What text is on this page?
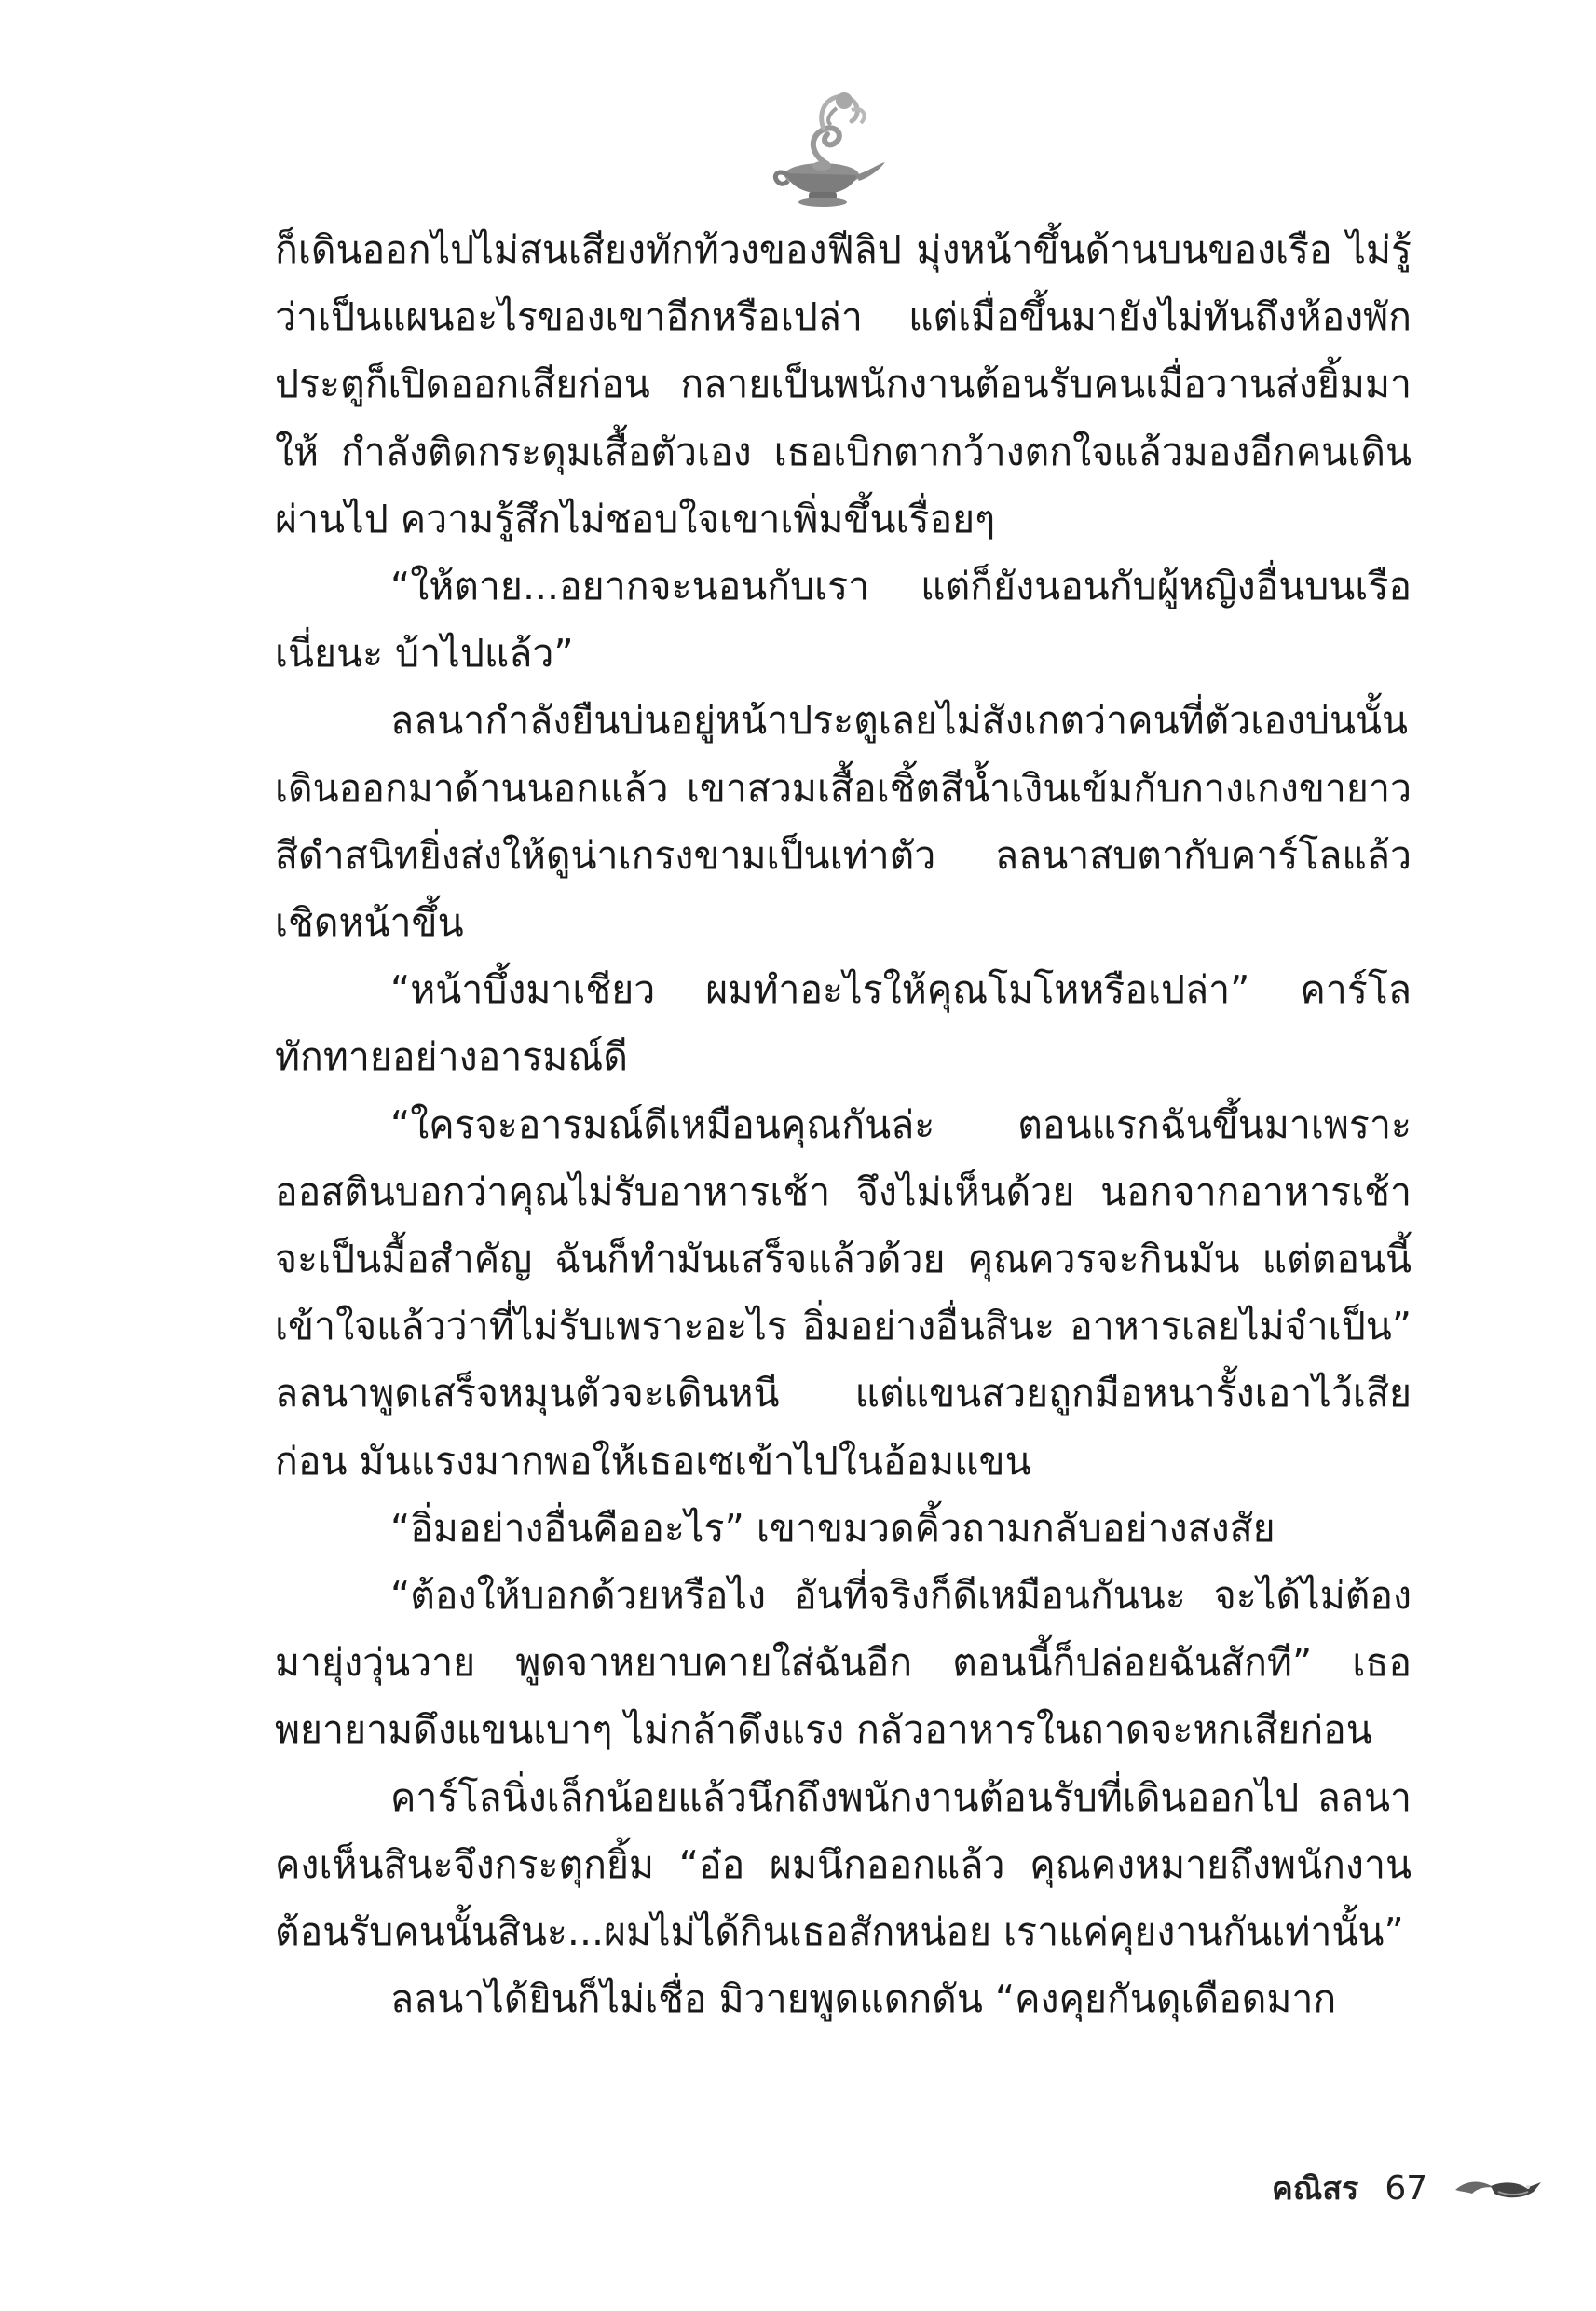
ก็เดินออกไปไม่สนเสียงทักท้วงของฟีลิป มุ่งหน้าขึ้นด้านบนของเรือ ไม่รู้ว่าเป็นแผนอะไรของเขาอีกหรือเปล่า แต่เมื่อขึ้นมายังไม่ทันถึงห้องพัก ประตูก็เปิดออกเสียก่อน กลายเป็นพนักงานต้อนรับคนเมื่อวานส่งยิ้มมาให้ กำลังติดกระดุมเสื้อตัวเอง เธอเบิกตากว้างตกใจแล้วมองอีกคนเดินผ่านไป ความรู้สึกไม่ชอบใจเขาเพิ่มขึ้นเรื่อยๆ

“ให้ตาย...อยากจะนอนกับเรา แต่ก็ยังนอนกับผู้หญิงอื่นบนเรือเนี่ยนะ บ้าไปแล้ว”

ลลนากำลังยืนบ่นอยู่หน้าประตูเลยไม่สังเกตว่าคนที่ตัวเองบ่นนั้นเดินออกมาด้านนอกแล้ว เขาสวมเสื้อเชิ้ตสีน้ำเงินเข้มกับกางเกงขายาวสีดำสนิทยิ่งส่งให้ดูน่าเกรงขามเป็นเท่าตัว ลลนาสบตากับคาร์โลแล้วเชิดหน้าขึ้น

“หน้าบึ้งมาเชียว ผมทำอะไรให้คุณโมโหหรือเปล่า” คาร์โลทักทายอย่างอารมณ์ดี

“ใครจะอารมณ์ดีเหมือนคุณกันล่ะ ตอนแรกฉันขึ้นมาเพราะออสตินบอกว่าคุณไม่รับอาหารเช้า จึงไม่เห็นด้วย นอกจากอาหารเช้าจะเป็นมื้อสำคัญ ฉันก็ทำมันเสร็จแล้วด้วย คุณควรจะกินมัน แต่ตอนนี้เข้าใจแล้วว่าที่ไม่รับเพราะอะไร อิ่มอย่างอื่นสินะ อาหารเลยไม่จำเป็น” ลลนาพูดเสร็จหมุนตัวจะเดินหนี แต่แขนสวยถูกมือหนารั้งเอาไว้เสียก่อน มันแรงมากพอให้เธอเซเข้าไปในอ้อมแขน

“อิ่มอย่างอื่นคืออะไร” เขาขมวดคิ้วถามกลับอย่างสงสัย

“ต้องให้บอกด้วยหรือไง อันที่จริงก็ดีเหมือนกันนะ จะได้ไม่ต้องมายุ่งวุ่นวาย พูดจาหยาบคายใส่ฉันอีก ตอนนี้ก็ปล่อยฉันสักที” เธอพยายามดึงแขนเบาๆ ไม่กล้าดึงแรง กลัวอาหารในถาดจะหกเสียก่อน

คาร์โลนิ่งเล็กน้อยแล้วนึกถึงพนักงานต้อนรับที่เดินออกไป ลลนาคงเห็นสินะจึงกระตุกยิ้ม “อ๋อ ผมนึกออกแล้ว คุณคงหมายถึงพนักงานต้อนรับคนนั้นสินะ...ผมไม่ได้กินเธอสักหน่อย เราแค่คุยงานกันเท่านั้น”

ลลนาได้ยินก็ไม่เชื่อ มิวายพูดแดกดัน “คงคุยกันดุเดือดมาก

คณิสร 67
